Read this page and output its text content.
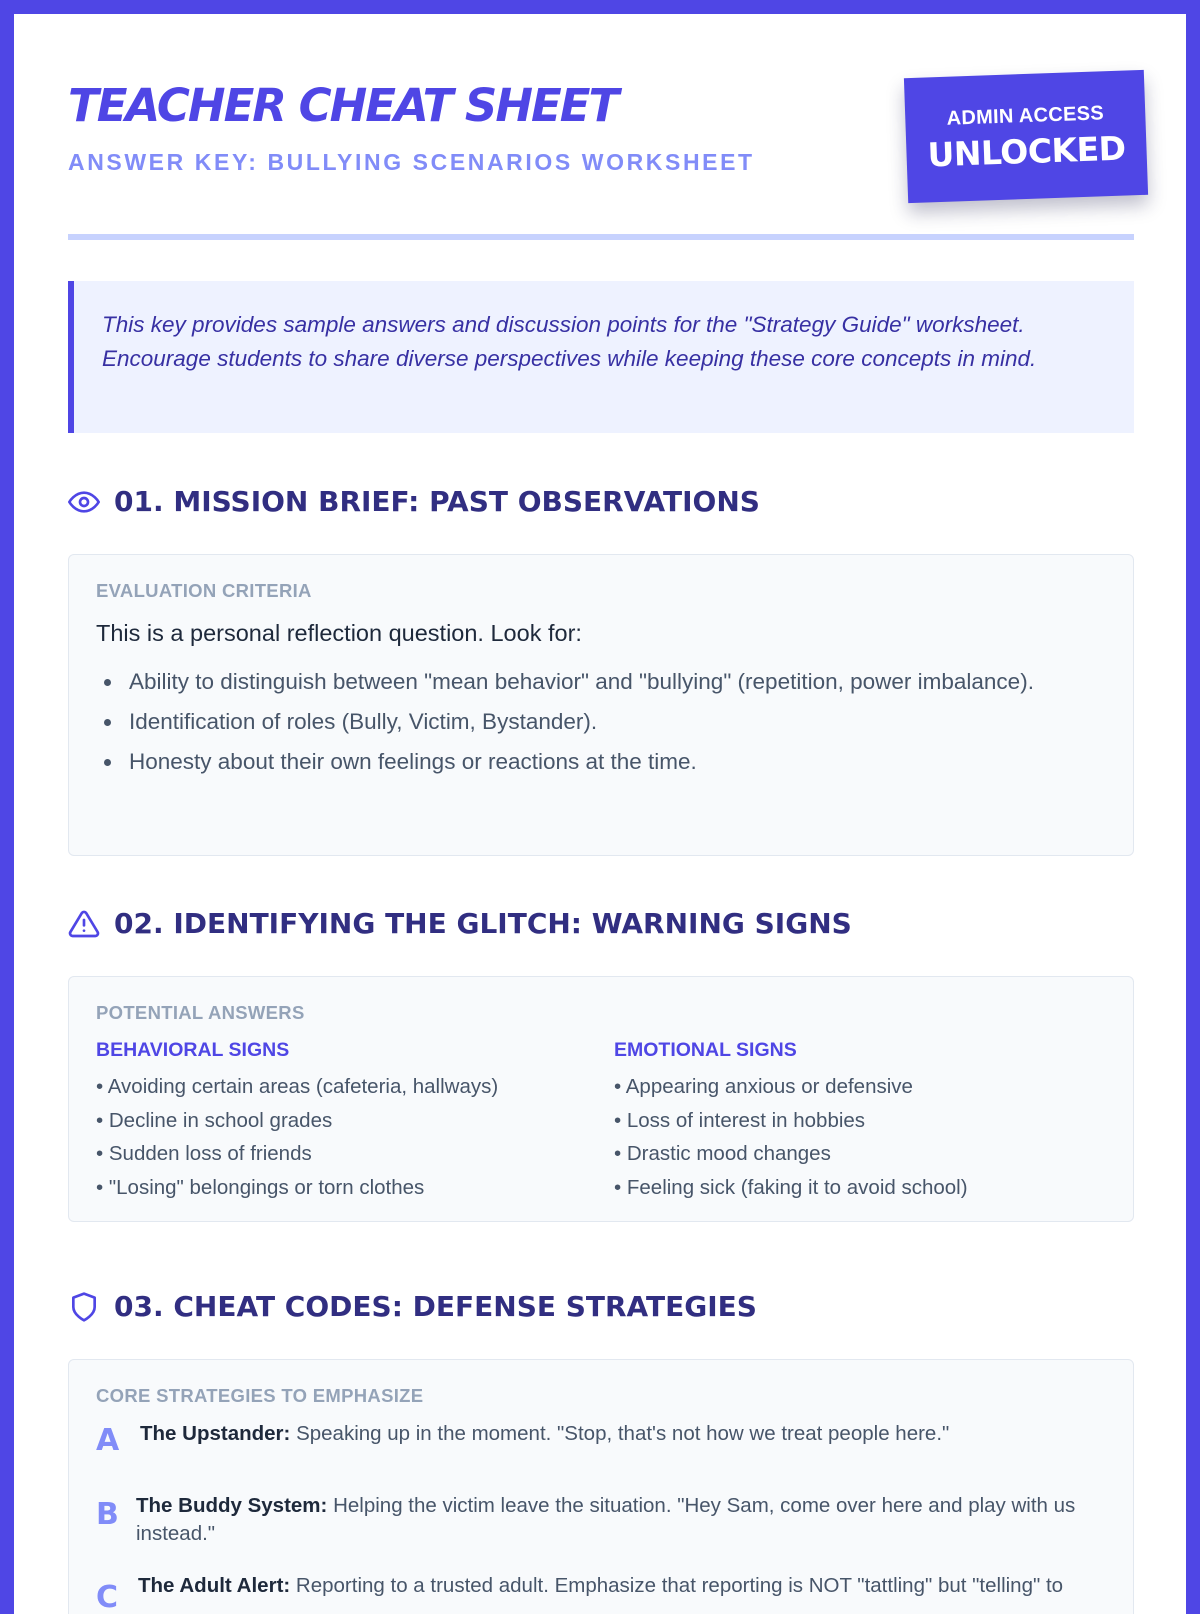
TEACHER CHEAT SHEET
ANSWER KEY: BULLYING SCENARIOS WORKSHEET
ADMIN ACCESS
UNLOCKED

This key provides sample answers and discussion points for the "Strategy Guide" worksheet. Encourage students to share diverse perspectives while keeping these core concepts in mind.

01. MISSION BRIEF: PAST OBSERVATIONS
EVALUATION CRITERIA

This is a personal reflection question. Look for:

Ability to distinguish between "mean behavior" and "bullying" (repetition, power imbalance).
Identification of roles (Bully, Victim, Bystander).
Honesty about their own feelings or reactions at the time.
02. IDENTIFYING THE GLITCH: WARNING SIGNS
POTENTIAL ANSWERS
BEHAVIORAL SIGNS
• Avoiding certain areas (cafeteria, hallways)
• Decline in school grades
• Sudden loss of friends
• "Losing" belongings or torn clothes
EMOTIONAL SIGNS
• Appearing anxious or defensive
• Loss of interest in hobbies
• Drastic mood changes
• Feeling sick (faking it to avoid school)
03. CHEAT CODES: DEFENSE STRATEGIES
CORE STRATEGIES TO EMPHASIZE
A The Upstander: Speaking up in the moment. "Stop, that's not how we treat people here."

B The Buddy System: Helping the victim leave the situation. "Hey Sam, come over here and play with us instead."

C The Adult Alert: Reporting to a trusted adult. Emphasize that reporting is NOT "tattling" but "telling" to
